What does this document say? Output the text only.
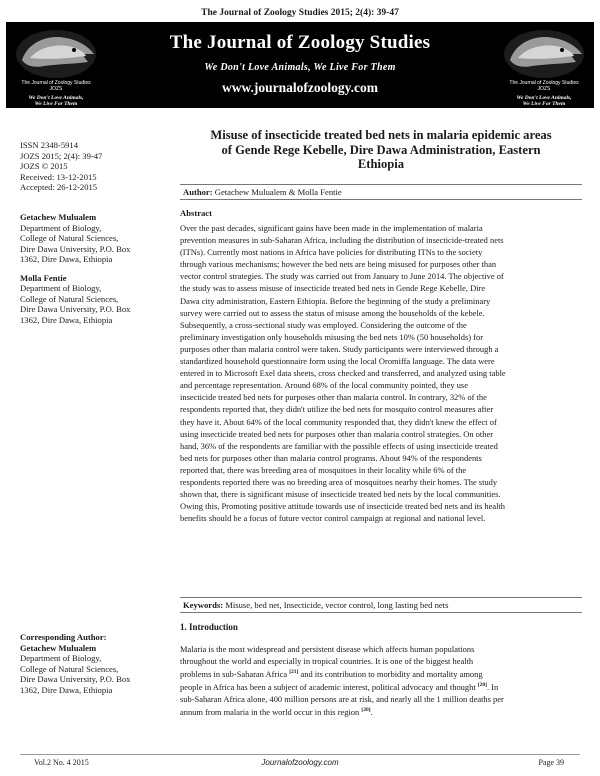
The Journal of Zoology Studies 2015; 2(4): 39-47
The Journal of Zoology Studies
JOZS
We Don't Love Animals,
We Live For Them
The Journal of Zoology Studies
We Don't Love Animals, We Live For Them
www.journalofzoology.com	The Journal of Zoology Studies
JOZS
We Don't Love Animals,
We Live For Them
ISSN 2348-5914
JOZS 2015; 2(4): 39-47
JOZS © 2015
Received: 13-12-2015
Accepted: 26-12-2015
Getachew Mulualem
Department of Biology,
College of Natural Sciences,
Dire Dawa University, P.O. Box
1362, Dire Dawa, Ethiopia
Molla Fentie
Department of Biology,
College of Natural Sciences,
Dire Dawa University, P.O. Box
1362, Dire Dawa, Ethiopia
Corresponding Author:
Getachew Mulualem
Department of Biology,
College of Natural Sciences,
Dire Dawa University, P.O. Box
1362, Dire Dawa, Ethiopia
Misuse of insecticide treated bed nets in malaria epidemic areas
of Gende Rege Kebelle, Dire Dawa Administration, Eastern
Ethiopia
Author: Getachew Mulualem & Molla Fentie
Abstract
Over the past decades, significant gains have been made in the implementation of malaria
prevention measures in sub-Saharan Africa, including the distribution of insecticide-treated nets
(ITNs). Currently most nations in Africa have policies for distributing ITNs to the society
through various mechanisms; however the bed nets are being misused for purposes other than
vector control strategies. The study was carried out from January to June 2014. The objective of
the study was to assess misuse of insecticide treated bed nets in Gende Rege Kebelle, Dire
Dawa city administration, Eastern Ethiopia. Before the beginning of the study a preliminary
survey were carried out to assess the status of misuse among the households of the kebele.
Subsequently, a cross-sectional study was employed. Considering the outcome of the
preliminary investigation only households misusing the bed nets 10% (50 households) for
purposes other than malaria control were taken. Study participants were interviewed through a
standardized household questionnaire form using the local Oromiffa language. The data were
entered in to Microsoft Exel data sheets, cross checked and transferred, and analyzed using table
and percentage representation. Around 68% of the local community pointed, they use
insecticide treated bed nets for purposes other than malaria control. In contrary, 32% of the
respondents reported that, they didn't utilize the bed nets for mosquito control measures after
they have it. About 64% of the local community responded that, they didn't knew the effect of
using insecticide treated bed nets for purposes other than malaria control strategies. On other
hand, 36% of the respondents are familiar with the possible effects of using insecticide treated
bed nets for purposes other than malaria control programs. About 94% of the respondents
reported that, there was breeding area of mosquitoes in their locality while 6% of the
respondents reported there was no breeding area of mosquitoes nearby their homes. The study
shown that, there is significant misuse of insecticide treated bed nets by the local communities.
Owing this, Promoting positive attitude towards use of insecticide treated bed nets and its health
benefits should be a focus of future vector control campaign at regional and national level.
Keywords: Misuse, bed net, Insecticide, vector control, long lasting bed nets
1. Introduction
Malaria is the most widespread and persistent disease which affects human populations
throughout the world and especially in tropical countries. It is one of the biggest health
problems in sub-Saharan Africa [21] and its contribution to morbidity and mortality among
people in Africa has been a subject of academic interest, political advocacy and thought [20]. In
sub-Saharan Africa alone, 400 million persons are at risk, and nearly all the 1 million deaths per
annum from malaria in the world occur in this region [20].
Vol.2 No. 4 2015	Journalofzoology.com	Page 39
